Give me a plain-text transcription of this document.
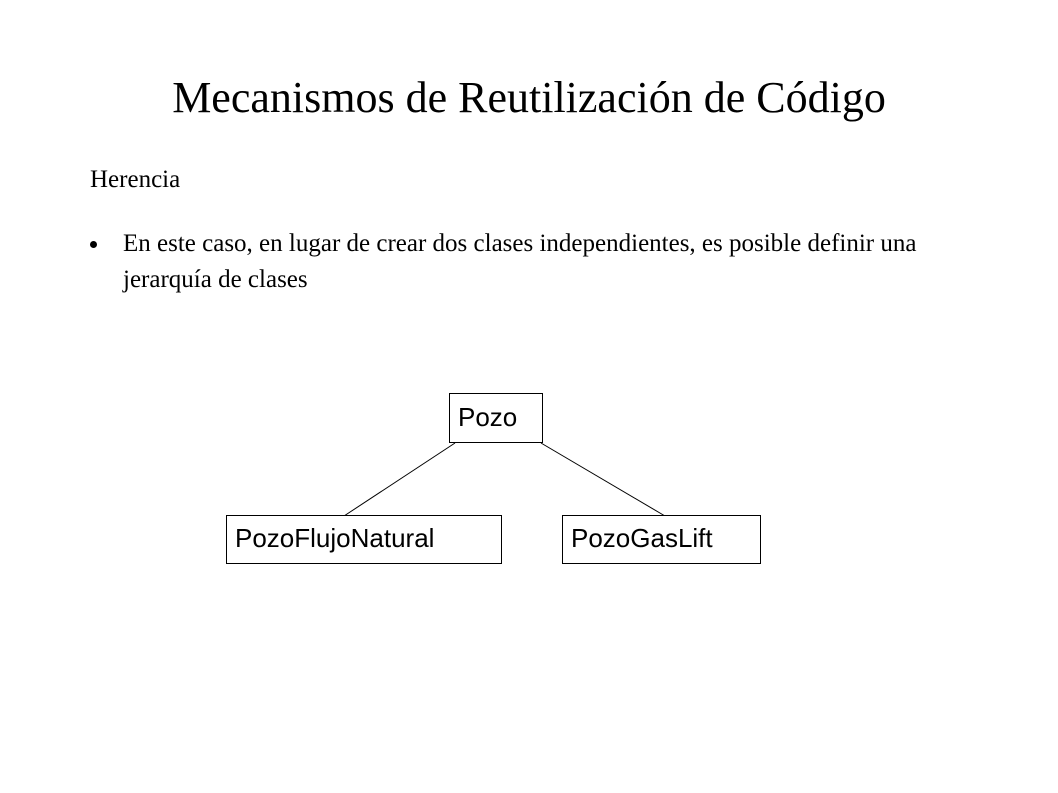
Mecanismos de Reutilización de Código
Herencia
En este caso, en lugar de crear dos clases independientes, es posible definir una jerarquía de clases
Pozo
PozoFlujoNatural	PozoGasLift
